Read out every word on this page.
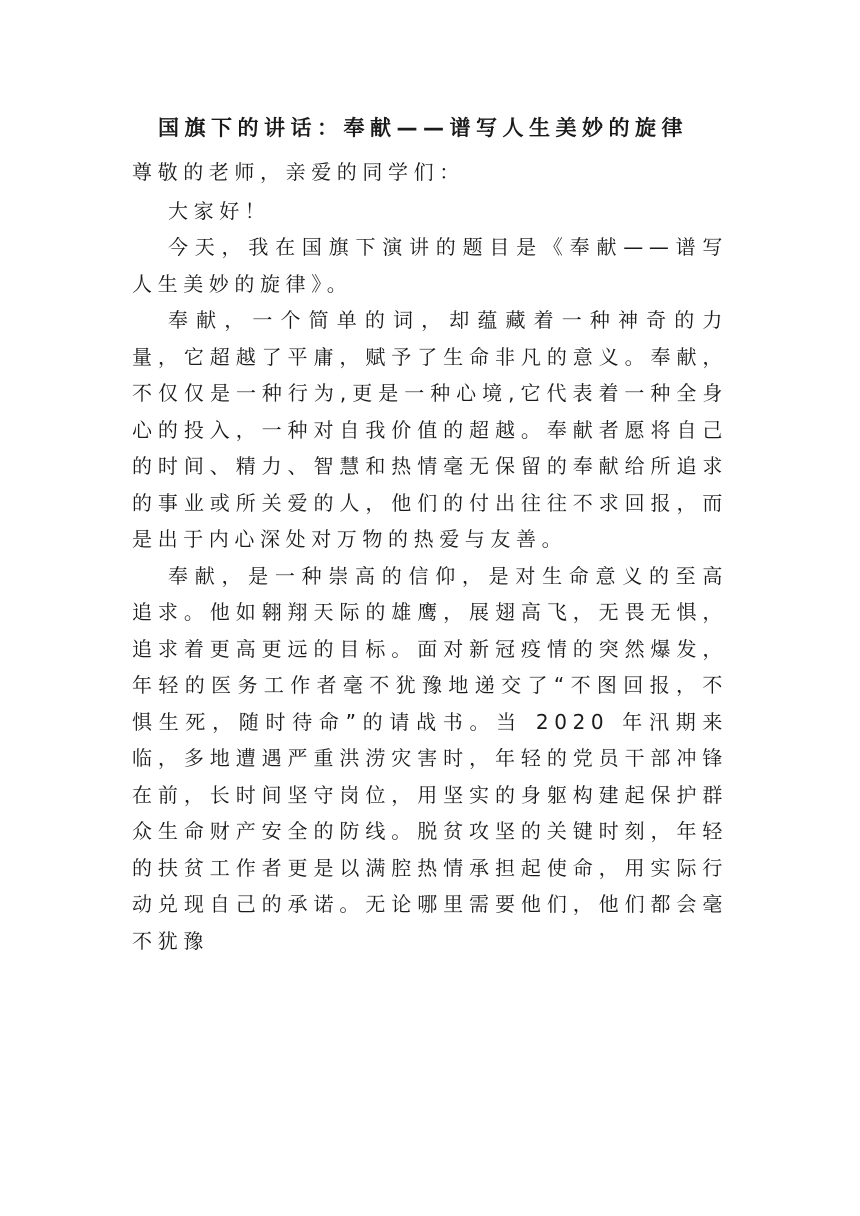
国旗下的讲话：奉献——谱写人生美妙的旋律

尊敬的老师，亲爱的同学们：

大家好！

今天，我在国旗下演讲的题目是《奉献——谱写人生美妙的旋律》。

奉献，一个简单的词，却蕴藏着一种神奇的力量，它超越了平庸，赋予了生命非凡的意义。奉献，不仅仅是一种行为,更是一种心境,它代表着一种全身心的投入，一种对自我价值的超越。奉献者愿将自己的时间、精力、智慧和热情毫无保留的奉献给所追求的事业或所关爱的人，他们的付出往往不求回报，而是出于内心深处对万物的热爱与友善。

奉献，是一种崇高的信仰，是对生命意义的至高追求。他如翱翔天际的雄鹰，展翅高飞，无畏无惧，追求着更高更远的目标。面对新冠疫情的突然爆发，年轻的医务工作者毫不犹豫地递交了“不图回报，不惧生死，随时待命”的请战书。当 2020 年汛期来临，多地遭遇严重洪涝灾害时，年轻的党员干部冲锋在前，长时间坚守岗位，用坚实的身躯构建起保护群众生命财产安全的防线。脱贫攻坚的关键时刻，年轻的扶贫工作者更是以满腔热情承担起使命，用实际行动兑现自己的承诺。无论哪里需要他们，他们都会毫不犹豫
